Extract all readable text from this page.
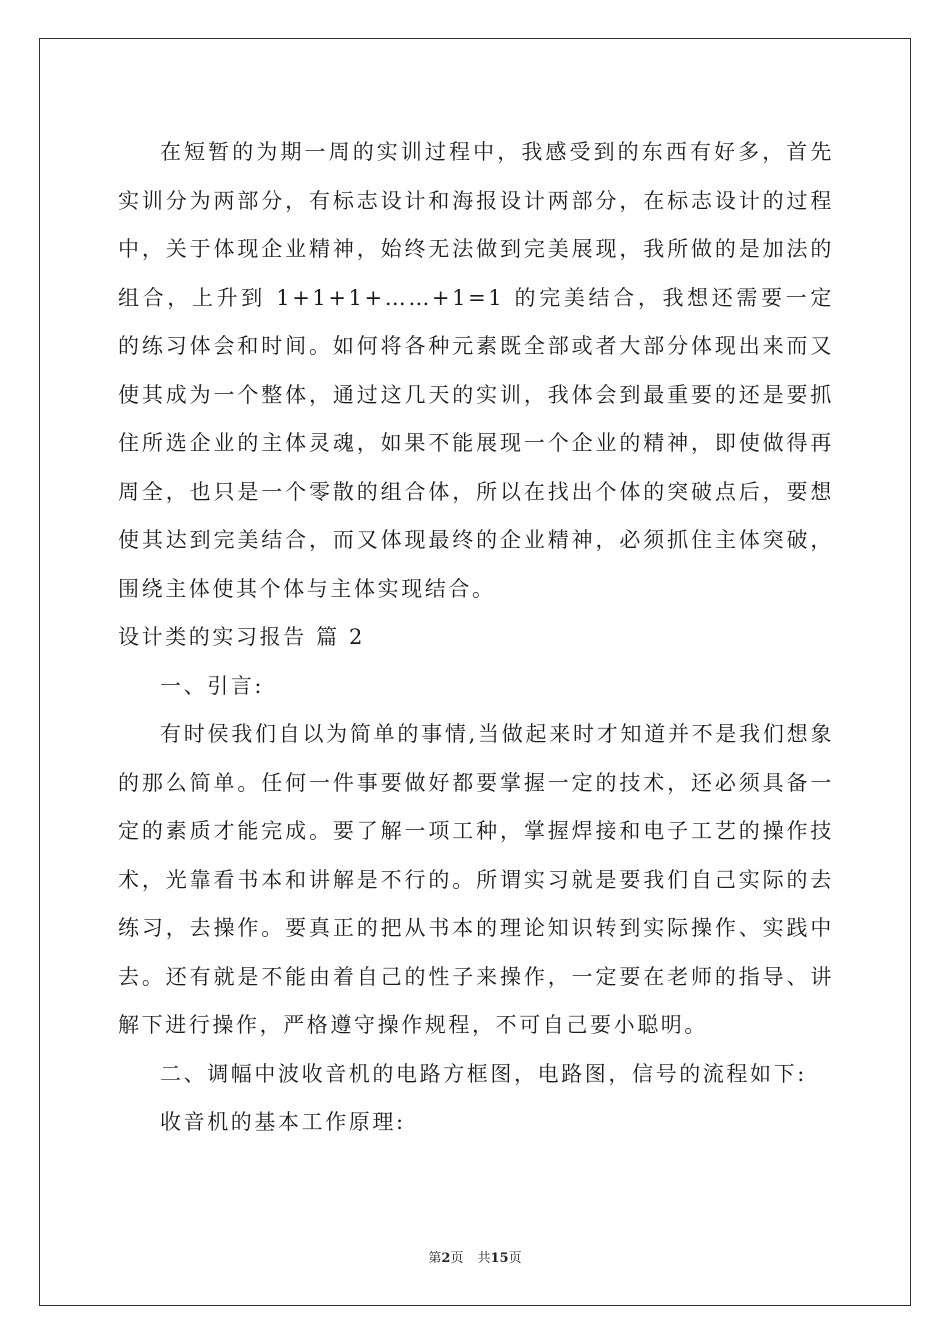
在短暂的为期一周的实训过程中，我感受到的东西有好多，首先实训分为两部分，有标志设计和海报设计两部分，在标志设计的过程中，关于体现企业精神，始终无法做到完美展现，我所做的是加法的组合，上升到 1+1+1+……+1=1 的完美结合，我想还需要一定的练习体会和时间。如何将各种元素既全部或者大部分体现出来而又使其成为一个整体，通过这几天的实训，我体会到最重要的还是要抓住所选企业的主体灵魂，如果不能展现一个企业的精神，即使做得再周全，也只是一个零散的组合体，所以在找出个体的突破点后，要想使其达到完美结合，而又体现最终的企业精神，必须抓住主体突破，围绕主体使其个体与主体实现结合。

设计类的实习报告 篇 2

一、引言:

有时侯我们自以为简单的事情,当做起来时才知道并不是我们想象的那么简单。任何一件事要做好都要掌握一定的技术，还必须具备一定的素质才能完成。要了解一项工种，掌握焊接和电子工艺的操作技术，光靠看书本和讲解是不行的。所谓实习就是要我们自己实际的去练习，去操作。要真正的把从书本的理论知识转到实际操作、实践中去。还有就是不能由着自己的性子来操作，一定要在老师的指导、讲解下进行操作，严格遵守操作规程，不可自己要小聪明。

二、调幅中波收音机的电路方框图，电路图，信号的流程如下:

收音机的基本工作原理:

第2页 共15页
